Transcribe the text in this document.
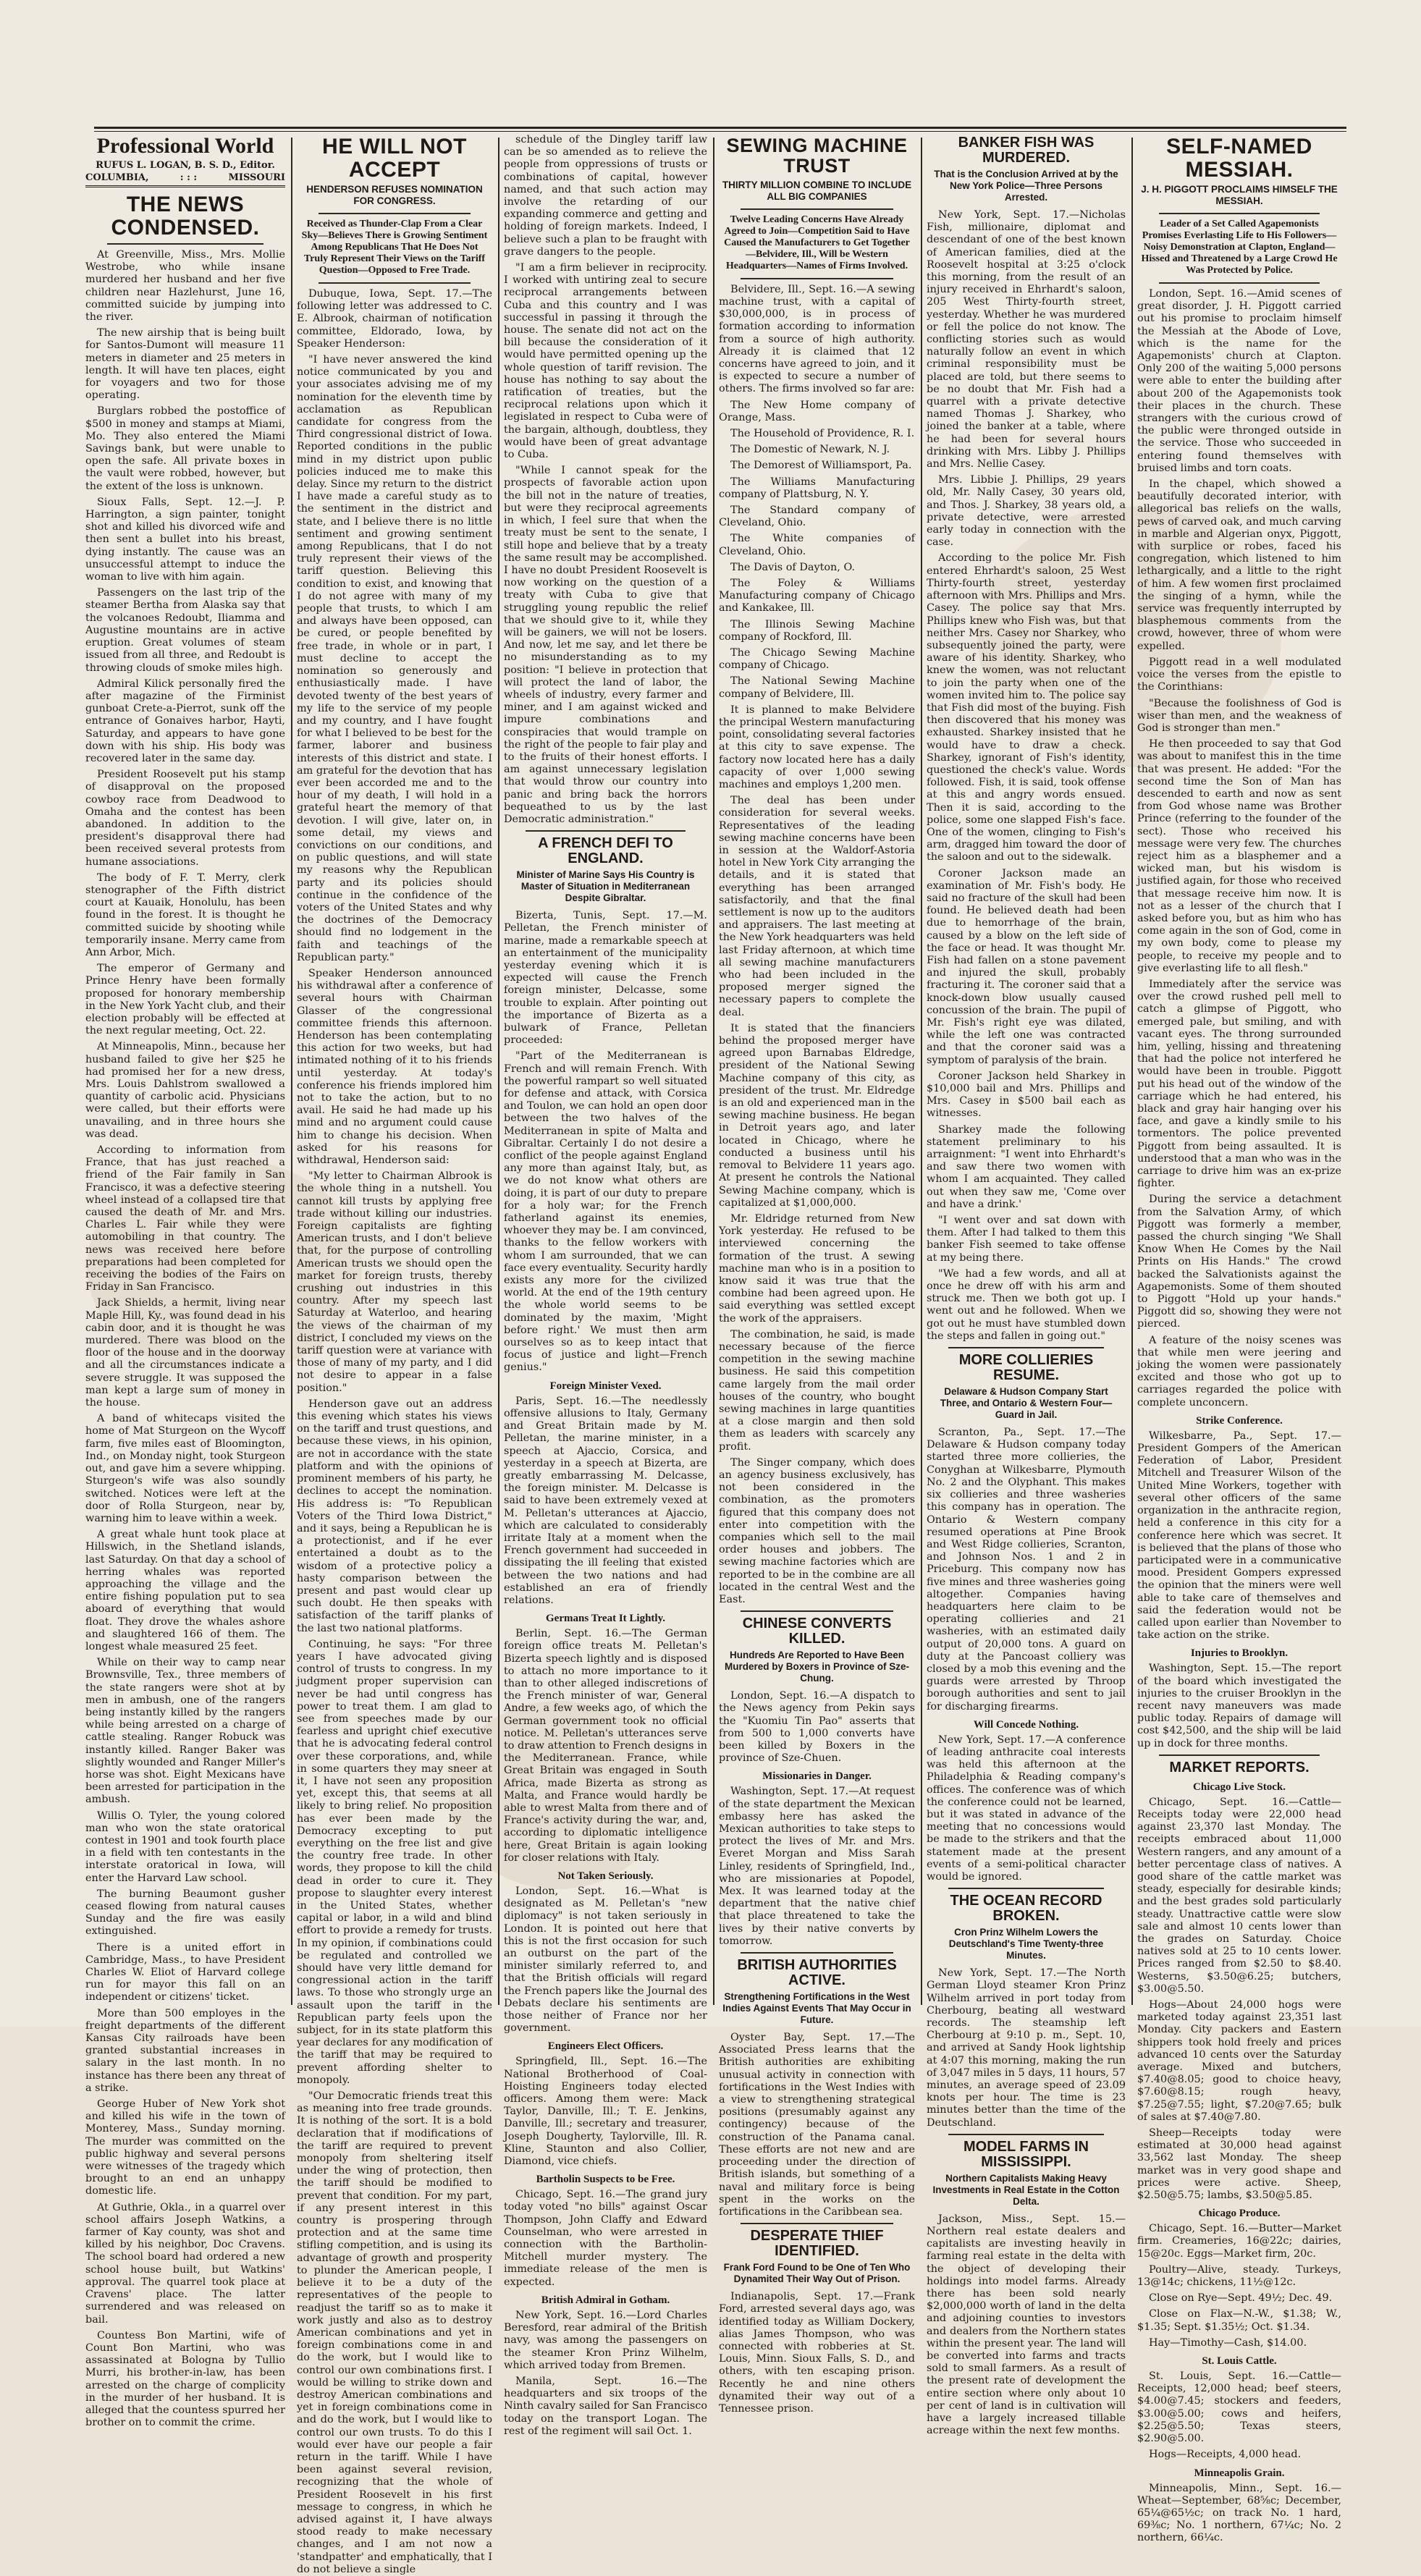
Professional World
RUFUS L. LOGAN, B. S. D., Editor.
COLUMBIA,	: : :	MISSOURI
THE NEWS CONDENSED.

At Greenville, Miss., Mrs. Mollie Westrobe, who while insane murdered her husband and her five children near Hazlehurst, June 16, committed suicide by jumping into the river.

The new airship that is being built for Santos-Dumont will measure 11 meters in diameter and 25 meters in length. It will have ten places, eight for voyagers and two for those operating.

Burglars robbed the postoffice of $500 in money and stamps at Miami, Mo. They also entered the Miami Savings bank, but were unable to open the safe. All private boxes in the vault were robbed, however, but the extent of the loss is unknown.

Sioux Falls, Sept. 12.—J. P. Harrington, a sign painter, tonight shot and killed his divorced wife and then sent a bullet into his breast, dying instantly. The cause was an unsuccessful attempt to induce the woman to live with him again.

Passengers on the last trip of the steamer Bertha from Alaska say that the volcanoes Redoubt, Iliamma and Augustine mountains are in active eruption. Great volumes of steam issued from all three, and Redoubt is throwing clouds of smoke miles high.

Admiral Kilick personally fired the after magazine of the Firminist gunboat Crete-a-Pierrot, sunk off the entrance of Gonaives harbor, Hayti, Saturday, and appears to have gone down with his ship. His body was recovered later in the same day.

President Roosevelt put his stamp of disapproval on the proposed cowboy race from Deadwood to Omaha and the contest has been abandoned. In addition to the president's disapproval there had been received several protests from humane associations.

The body of F. T. Merry, clerk stenographer of the Fifth district court at Kauaik, Honolulu, has been found in the forest. It is thought he committed suicide by shooting while temporarily insane. Merry came from Ann Arbor, Mich.

The emperor of Germany and Prince Henry have been formally proposed for honorary membership in the New York Yacht club, and their election probably will be effected at the next regular meeting, Oct. 22.

At Minneapolis, Minn., because her husband failed to give her $25 he had promised her for a new dress, Mrs. Louis Dahlstrom swallowed a quantity of carbolic acid. Physicians were called, but their efforts were unavailing, and in three hours she was dead.

According to information from France, that has just reached a friend of the Fair family in San Francisco, it was a defective steering wheel instead of a collapsed tire that caused the death of Mr. and Mrs. Charles L. Fair while they were automobiling in that country. The news was received here before preparations had been completed for receiving the bodies of the Fairs on Friday in San Francisco.

Jack Shields, a hermit, living near Maple Hill, Ky., was found dead in his cabin door, and it is thought he was murdered. There was blood on the floor of the house and in the doorway and all the circumstances indicate a severe struggle. It was supposed the man kept a large sum of money in the house.

A band of whitecaps visited the home of Mat Sturgeon on the Wycoff farm, five miles east of Bloomington, Ind., on Monday night, took Sturgeon out, and gave him a severe whipping. Sturgeon's wife was also soundly switched. Notices were left at the door of Rolla Sturgeon, near by, warning him to leave within a week.

A great whale hunt took place at Hillswich, in the Shetland islands, last Saturday. On that day a school of herring whales was reported approaching the village and the entire fishing population put to sea aboard of everything that would float. They drove the whales ashore and slaughtered 166 of them. The longest whale measured 25 feet.

While on their way to camp near Brownsville, Tex., three members of the state rangers were shot at by men in ambush, one of the rangers being instantly killed by the rangers while being arrested on a charge of cattle stealing. Ranger Robuck was instantly killed. Ranger Baker was slightly wounded and Ranger Miller's horse was shot. Eight Mexicans have been arrested for participation in the ambush.

Willis O. Tyler, the young colored man who won the state oratorical contest in 1901 and took fourth place in a field with ten contestants in the interstate oratorical in Iowa, will enter the Harvard Law school.

The burning Beaumont gusher ceased flowing from natural causes Sunday and the fire was easily extinguished.

There is a united effort in Cambridge, Mass., to have President Charles W. Eliot of Harvard college run for mayor this fall on an independent or citizens' ticket.

More than 500 employes in the freight departments of the different Kansas City railroads have been granted substantial increases in salary in the last month. In no instance has there been any threat of a strike.

George Huber of New York shot and killed his wife in the town of Monterey, Mass., Sunday morning. The murder was committed on the public highway and several persons were witnesses of the tragedy which brought to an end an unhappy domestic life.

At Guthrie, Okla., in a quarrel over school affairs Joseph Watkins, a farmer of Kay county, was shot and killed by his neighbor, Doc Cravens. The school board had ordered a new school house built, but Watkins' approval. The quarrel took place at Cravens' place. The latter surrendered and was released on bail.

Countess Bon Martini, wife of Count Bon Martini, who was assassinated at Bologna by Tullio Murri, his brother-in-law, has been arrested on the charge of complicity in the murder of her husband. It is alleged that the countess spurred her brother on to commit the crime.

HE WILL NOT ACCEPT
HENDERSON REFUSES NOMINATION FOR CONGRESS.
Received as Thunder-Clap From a Clear Sky—Believes There is Growing Sentiment Among Republicans That He Does Not Truly Represent Their Views on the Tariff Question—Opposed to Free Trade.

Dubuque, Iowa, Sept. 17.—The following letter was addressed to C. E. Albrook, chairman of notification committee, Eldorado, Iowa, by Speaker Henderson:

"I have never answered the kind notice communicated by you and your associates advising me of my nomination for the eleventh time by acclamation as Republican candidate for congress from the Third congressional district of Iowa. Reported conditions in the public mind in my district upon public policies induced me to make this delay. Since my return to the district I have made a careful study as to the sentiment in the district and state, and I believe there is no little sentiment and growing sentiment among Republicans, that I do not truly represent their views of the tariff question. Believing this condition to exist, and knowing that I do not agree with many of my people that trusts, to which I am and always have been opposed, can be cured, or people benefited by free trade, in whole or in part, I must decline to accept the nomination so generously and enthusiastically made. I have devoted twenty of the best years of my life to the service of my people and my country, and I have fought for what I believed to be best for the farmer, laborer and business interests of this district and state. I am grateful for the devotion that has ever been accorded me and to the hour of my death, I will hold in a grateful heart the memory of that devotion. I will give, later on, in some detail, my views and convictions on our conditions, and on public questions, and will state my reasons why the Republican party and its policies should continue in the confidence of the voters of the United States and why the doctrines of the Democracy should find no lodgement in the faith and teachings of the Republican party."

Speaker Henderson announced his withdrawal after a conference of several hours with Chairman Glasser of the congressional committee friends this afternoon. Henderson has been contemplating this action for two weeks, but had intimated nothing of it to his friends until yesterday. At today's conference his friends implored him not to take the action, but to no avail. He said he had made up his mind and no argument could cause him to change his decision. When asked for his reasons for withdrawal, Henderson said:

"My letter to Chairman Albrook is the whole thing in a nutshell. You cannot kill trusts by applying free trade without killing our industries. Foreign capitalists are fighting American trusts, and I don't believe that, for the purpose of controlling American trusts we should open the market for foreign trusts, thereby crushing out industries in this country. After my speech last Saturday at Waterloo, and hearing the views of the chairman of my district, I concluded my views on the tariff question were at variance with those of many of my party, and I did not desire to appear in a false position."

Henderson gave out an address this evening which states his views on the tariff and trust questions, and because these views, in his opinion, are not in accordance with the state platform and with the opinions of prominent members of his party, he declines to accept the nomination. His address is: "To Republican Voters of the Third Iowa District," and it says, being a Republican he is a protectionist, and if he ever entertained a doubt as to the wisdom of a protective policy a hasty comparison between the present and past would clear up such doubt. He then speaks with satisfaction of the tariff planks of the last two national platforms.

Continuing, he says: "For three years I have advocated giving control of trusts to congress. In my judgment proper supervision can never be had until congress has power to treat them. I am glad to see from speeches made by our fearless and upright chief executive that he is advocating federal control over these corporations, and, while in some quarters they may sneer at it, I have not seen any proposition yet, except this, that seems at all likely to bring relief. No proposition has ever been made by the Democracy excepting to put everything on the free list and give the country free trade. In other words, they propose to kill the child dead in order to cure it. They propose to slaughter every interest in the United States, whether capital or labor, in a wild and blind effort to provide a remedy for trusts. In my opinion, if combinations could be regulated and controlled we should have very little demand for congressional action in the tariff laws. To those who strongly urge an assault upon the tariff in the Republican party feels upon the subject, for in its state platform this year declares for any modification of the tariff that may be required to prevent affording shelter to monopoly.

"Our Democratic friends treat this as meaning into free trade grounds. It is nothing of the sort. It is a bold declaration that if modifications of the tariff are required to prevent monopoly from sheltering itself under the wing of protection, then the tariff should be modified to prevent that condition. For my part, if any present interest in this country is prospering through protection and at the same time stifling competition, and is using its advantage of growth and prosperity to plunder the American people, I believe it to be a duty of the representatives of the people to readjust the tariff so as to make it work justly and also as to destroy American combinations and yet in foreign combinations come in and do the work, but I would like to control our own combinations first. I would be willing to strike down and destroy American combinations and yet in foreign combinations come in and do the work, but I would like to control our own trusts. To do this I would ever have our people a fair return in the tariff. While I have been against several revision, recognizing that the whole of President Roosevelt in his first message to congress, in which he advised against it, I have always stood ready to make necessary changes, and I am not now a 'standpatter' and emphatically, that I do not believe a single

schedule of the Dingley tariff law can be so amended as to relieve the people from oppressions of trusts or combinations of capital, however named, and that such action may involve the retarding of our expanding commerce and getting and holding of foreign markets. Indeed, I believe such a plan to be fraught with grave dangers to the people.

"I am a firm believer in reciprocity. I worked with untiring zeal to secure reciprocal arrangements between Cuba and this country and I was successful in passing it through the house. The senate did not act on the bill because the consideration of it would have permitted opening up the whole question of tariff revision. The house has nothing to say about the ratification of treaties, but the reciprocal relations upon which it legislated in respect to Cuba were of the bargain, although, doubtless, they would have been of great advantage to Cuba.

"While I cannot speak for the prospects of favorable action upon the bill not in the nature of treaties, but were they reciprocal agreements in which, I feel sure that when the treaty must be sent to the senate, I still hope and believe that by a treaty the same result may be accomplished. I have no doubt President Roosevelt is now working on the question of a treaty with Cuba to give that struggling young republic the relief that we should give to it, while they will be gainers, we will not be losers. And now, let me say, and let there be no misunderstanding as to my position: "I believe in protection that will protect the land of labor, the wheels of industry, every farmer and miner, and I am against wicked and impure combinations and conspiracies that would trample on the right of the people to fair play and to the fruits of their honest efforts. I am against unnecessary legislation that would throw our country into panic and bring back the horrors bequeathed to us by the last Democratic administration."

A FRENCH DEFI TO ENGLAND.
Minister of Marine Says His Country is Master of Situation in Mediterranean Despite Gibraltar.

Bizerta, Tunis, Sept. 17.—M. Pelletan, the French minister of marine, made a remarkable speech at an entertainment of the municipality yesterday evening which it is expected will cause the French foreign minister, Delcasse, some trouble to explain. After pointing out the importance of Bizerta as a bulwark of France, Pelletan proceeded:

"Part of the Mediterranean is French and will remain French. With the powerful rampart so well situated for defense and attack, with Corsica and Toulon, we can hold an open door between the two halves of the Mediterranean in spite of Malta and Gibraltar. Certainly I do not desire a conflict of the people against England any more than against Italy, but, as we do not know what others are doing, it is part of our duty to prepare for a holy war; for the French fatherland against its enemies, whoever they may be. I am convinced, thanks to the fellow workers with whom I am surrounded, that we can face every eventuality. Security hardly exists any more for the civilized world. At the end of the 19th century the whole world seems to be dominated by the maxim, 'Might before right.' We must then arm ourselves so as to keep intact that focus of justice and light—French genius."

Foreign Minister Vexed.

Paris, Sept. 16.—The needlessly offensive allusions to Italy, Germany and Great Britain made by M. Pelletan, the marine minister, in a speech at Ajaccio, Corsica, and yesterday in a speech at Bizerta, are greatly embarrassing M. Delcasse, the foreign minister. M. Delcasse is said to have been extremely vexed at M. Pelletan's utterances at Ajaccio, which are calculated to considerably irritate Italy at a moment when the French government had succeeded in dissipating the ill feeling that existed between the two nations and had established an era of friendly relations.

Germans Treat It Lightly.

Berlin, Sept. 16.—The German foreign office treats M. Pelletan's Bizerta speech lightly and is disposed to attach no more importance to it than to other alleged indiscretions of the French minister of war, General Andre, a few weeks ago, of which the German government took no official notice. M. Pelletan's utterances serve to draw attention to French designs in the Mediterranean. France, while Great Britain was engaged in South Africa, made Bizerta as strong as Malta, and France would hardly be able to wrest Malta from there and of France's activity during the war, and, according to diplomatic intelligence here, Great Britain is again looking for closer relations with Italy.

Not Taken Seriously.

London, Sept. 16.—What is designated as M. Pelletan's "new diplomacy" is not taken seriously in London. It is pointed out here that this is not the first occasion for such an outburst on the part of the minister similarly referred to, and that the British officials will regard the French papers like the Journal des Debats declare his sentiments are those neither of France nor her government.

Engineers Elect Officers.

Springfield, Ill., Sept. 16.—The National Brotherhood of Coal-Hoisting Engineers today elected officers. Among them were: Mack Taylor, Danville, Ill.; T. E. Jenkins, Danville, Ill.; secretary and treasurer, Joseph Dougherty, Taylorville, Ill. R. Kline, Staunton and also Collier, Diamond, vice chiefs.

Bartholin Suspects to be Free.

Chicago, Sept. 16.—The grand jury today voted "no bills" against Oscar Thompson, John Claffy and Edward Counselman, who were arrested in connection with the Bartholin-Mitchell murder mystery. The immediate release of the men is expected.

British Admiral in Gotham.

New York, Sept. 16.—Lord Charles Beresford, rear admiral of the British navy, was among the passengers on the steamer Kron Prinz Wilhelm, which arrived today from Bremen.

Manila, Sept. 16.—The headquarters and six troops of the Ninth cavalry sailed for San Francisco today on the transport Logan. The rest of the regiment will sail Oct. 1.

SEWING MACHINE TRUST
THIRTY MILLION COMBINE TO INCLUDE ALL BIG COMPANIES
Twelve Leading Concerns Have Already Agreed to Join—Competition Said to Have Caused the Manufacturers to Get Together—Belvidere, Ill., Will be Western Headquarters—Names of Firms Involved.

Belvidere, Ill., Sept. 16.—A sewing machine trust, with a capital of $30,000,000, is in process of formation according to information from a source of high authority. Already it is claimed that 12 concerns have agreed to join, and it is expected to secure a number of others. The firms involved so far are:

The New Home company of Orange, Mass.

The Household of Providence, R. I.

The Domestic of Newark, N. J.

The Demorest of Williamsport, Pa.

The Williams Manufacturing company of Plattsburg, N. Y.

The Standard company of Cleveland, Ohio.

The White companies of Cleveland, Ohio.

The Davis of Dayton, O.

The Foley & Williams Manufacturing company of Chicago and Kankakee, Ill.

The Illinois Sewing Machine company of Rockford, Ill.

The Chicago Sewing Machine company of Chicago.

The National Sewing Machine company of Belvidere, Ill.

It is planned to make Belvidere the principal Western manufacturing point, consolidating several factories at this city to save expense. The factory now located here has a daily capacity of over 1,000 sewing machines and employs 1,200 men.

The deal has been under consideration for several weeks. Representatives of the leading sewing machine concerns have been in session at the Waldorf-Astoria hotel in New York City arranging the details, and it is stated that everything has been arranged satisfactorily, and that the final settlement is now up to the auditors and appraisers. The last meeting at the New York headquarters was held last Friday afternoon, at which time all sewing machine manufacturers who had been included in the proposed merger signed the necessary papers to complete the deal.

It is stated that the financiers behind the proposed merger have agreed upon Barnabas Eldredge, president of the National Sewing Machine company of this city, as president of the trust. Mr. Eldredge is an old and experienced man in the sewing machine business. He began in Detroit years ago, and later located in Chicago, where he conducted a business until his removal to Belvidere 11 years ago. At present he controls the National Sewing Machine company, which is capitalized at $1,000,000.

Mr. Eldridge returned from New York yesterday. He refused to be interviewed concerning the formation of the trust. A sewing machine man who is in a position to know said it was true that the combine had been agreed upon. He said everything was settled except the work of the appraisers.

The combination, he said, is made necessary because of the fierce competition in the sewing machine business. He said this competition came largely from the mail order houses of the country, who bought sewing machines in large quantities at a close margin and then sold them as leaders with scarcely any profit.

The Singer company, which does an agency business exclusively, has not been considered in the combination, as the promoters figured that this company does not enter into competition with the companies which sell to the mail order houses and jobbers. The sewing machine factories which are reported to be in the combine are all located in the central West and the East.

CHINESE CONVERTS KILLED.
Hundreds Are Reported to Have Been Murdered by Boxers in Province of Sze-Chung.

London, Sept. 16.—A dispatch to the News agency from Pekin says the "Kuomiu Tin Pao" asserts that from 500 to 1,000 converts have been killed by Boxers in the province of Sze-Chuen.

Missionaries in Danger.

Washington, Sept. 17.—At request of the state department the Mexican embassy here has asked the Mexican authorities to take steps to protect the lives of Mr. and Mrs. Everet Morgan and Miss Sarah Linley, residents of Springfield, Ind., who are missionaries at Popodel, Mex. It was learned today at the department that the native chief that place threatened to take the lives by their native converts by tomorrow.

BRITISH AUTHORITIES ACTIVE.
Strengthening Fortifications in the West Indies Against Events That May Occur in Future.

Oyster Bay, Sept. 17.—The Associated Press learns that the British authorities are exhibiting unusual activity in connection with fortifications in the West Indies with a view to strengthening strategical positions (presumably against any contingency) because of the construction of the Panama canal. These efforts are not new and are proceeding under the direction of British islands, but something of a naval and military force is being spent in the works on the fortifications in the Caribbean sea.

DESPERATE THIEF IDENTIFIED.
Frank Ford Found to be One of Ten Who Dynamited Their Way Out of Prison.

Indianapolis, Sept. 17.—Frank Ford, arrested several days ago, was identified today as William Dockery, alias James Thompson, who was connected with robberies at St. Louis, Minn. Sioux Falls, S. D., and others, with ten escaping prison. Recently he and nine others dynamited their way out of a Tennessee prison.

BANKER FISH WAS MURDERED.
That is the Conclusion Arrived at by the New York Police—Three Persons Arrested.

New York, Sept. 17.—Nicholas Fish, millionaire, diplomat and descendant of one of the best known of American families, died at the Roosevelt hospital at 3:25 o'clock this morning, from the result of an injury received in Ehrhardt's saloon, 205 West Thirty-fourth street, yesterday. Whether he was murdered or fell the police do not know. The conflicting stories such as would naturally follow an event in which criminal responsibility must be placed are told, but there seems to be no doubt that Mr. Fish had a quarrel with a private detective named Thomas J. Sharkey, who joined the banker at a table, where he had been for several hours drinking with Mrs. Libby J. Phillips and Mrs. Nellie Casey.

Mrs. Libbie J. Phillips, 29 years old, Mr. Nally Casey, 30 years old, and Thos. J. Sharkey, 38 years old, a private detective, were arrested early today in connection with the case.

According to the police Mr. Fish entered Ehrhardt's saloon, 25 West Thirty-fourth street, yesterday afternoon with Mrs. Phillips and Mrs. Casey. The police say that Mrs. Phillips knew who Fish was, but that neither Mrs. Casey nor Sharkey, who subsequently joined the party, were aware of his identity. Sharkey, who knew the women, was not reluctant to join the party when one of the women invited him to. The police say that Fish did most of the buying. Fish then discovered that his money was exhausted. Sharkey insisted that he would have to draw a check. Sharkey, ignorant of Fish's identity, questioned the check's value. Words followed. Fish, it is said, took offense at this and angry words ensued. Then it is said, according to the police, some one slapped Fish's face. One of the women, clinging to Fish's arm, dragged him toward the door of the saloon and out to the sidewalk.

Coroner Jackson made an examination of Mr. Fish's body. He said no fracture of the skull had been found. He believed death had been due to hemorrhage of the brain, caused by a blow on the left side of the face or head. It was thought Mr. Fish had fallen on a stone pavement and injured the skull, probably fracturing it. The coroner said that a knock-down blow usually caused concussion of the brain. The pupil of Mr. Fish's right eye was dilated, while the left one was contracted and that the coroner said was a symptom of paralysis of the brain.

Coroner Jackson held Sharkey in $10,000 bail and Mrs. Phillips and Mrs. Casey in $500 bail each as witnesses.

Sharkey made the following statement preliminary to his arraignment: "I went into Ehrhardt's and saw there two women with whom I am acquainted. They called out when they saw me, 'Come over and have a drink.'

"I went over and sat down with them. After I had talked to them this banker Fish seemed to take offense at my being there.

"We had a few words, and all at once he drew off with his arm and struck me. Then we both got up. I went out and he followed. When we got out he must have stumbled down the steps and fallen in going out."

MORE COLLIERIES RESUME.
Delaware & Hudson Company Start Three, and Ontario & Western Four—Guard in Jail.

Scranton, Pa., Sept. 17.—The Delaware & Hudson company today started three more collieries, the Conyghan at Wilkesbarre, Plymouth No. 2 and the Olyphant. This makes six collieries and three washeries this company has in operation. The Ontario & Western company resumed operations at Pine Brook and West Ridge collieries, Scranton, and Johnson Nos. 1 and 2 in Priceburg. This company now has five mines and three washeries going altogether. Companies having headquarters here claim to be operating collieries and 21 washeries, with an estimated daily output of 20,000 tons. A guard on duty at the Pancoast colliery was closed by a mob this evening and the guards were arrested by Throop borough authorities and sent to jail for discharging firearms.

Will Concede Nothing.

New York, Sept. 17.—A conference of leading anthracite coal interests was held this afternoon at the Philadelphia & Reading company's offices. The conference was of which the conference could not be learned, but it was stated in advance of the meeting that no concessions would be made to the strikers and that the statement made at the present events of a semi-political character would be ignored.

THE OCEAN RECORD BROKEN.
Cron Prinz Wilhelm Lowers the Deutschland's Time Twenty-three Minutes.

New York, Sept. 17.—The North German Lloyd steamer Kron Prinz Wilhelm arrived in port today from Cherbourg, beating all westward records. The steamship left Cherbourg at 9:10 p. m., Sept. 10, and arrived at Sandy Hook lightship at 4:07 this morning, making the run of 3,047 miles in 5 days, 11 hours, 57 minutes, an average speed of 23.09 knots per hour. The time is 23 minutes better than the time of the Deutschland.

MODEL FARMS IN MISSISSIPPI.
Northern Capitalists Making Heavy Investments in Real Estate in the Cotton Delta.

Jackson, Miss., Sept. 15.—Northern real estate dealers and capitalists are investing heavily in farming real estate in the delta with the object of developing their holdings into model farms. Already there has been sold nearly $2,000,000 worth of land in the delta and adjoining counties to investors and dealers from the Northern states within the present year. The land will be converted into farms and tracts sold to small farmers. As a result of the present rate of development the entire section where only about 10 per cent of land is in cultivation will have a largely increased tillable acreage within the next few months.

SELF-NAMED MESSIAH.
J. H. PIGGOTT PROCLAIMS HIMSELF THE MESSIAH.
Leader of a Set Called Agapemonists Promises Everlasting Life to His Followers—Noisy Demonstration at Clapton, England—Hissed and Threatened by a Large Crowd He Was Protected by Police.

London, Sept. 16.—Amid scenes of great disorder, J. H. Piggott carried out his promise to proclaim himself the Messiah at the Abode of Love, which is the name for the Agapemonists' church at Clapton. Only 200 of the waiting 5,000 persons were able to enter the building after about 200 of the Agapemonists took their places in the church. These strangers with the curious crowd of the public were thronged outside in the service. Those who succeeded in entering found themselves with bruised limbs and torn coats.

In the chapel, which showed a beautifully decorated interior, with allegorical bas reliefs on the walls, pews of carved oak, and much carving in marble and Algerian onyx, Piggott, with surplice or robes, faced his congregation, which listened to him lethargically, and a little to the right of him. A few women first proclaimed the singing of a hymn, while the service was frequently interrupted by blasphemous comments from the crowd, however, three of whom were expelled.

Piggott read in a well modulated voice the verses from the epistle to the Corinthians:

"Because the foolishness of God is wiser than men, and the weakness of God is stronger than men."

He then proceeded to say that God was about to manifest this in the time that was present. He added: "For the second time the Son of Man has descended to earth and now as sent from God whose name was Brother Prince (referring to the founder of the sect). Those who received his message were very few. The churches reject him as a blasphemer and a wicked man, but his wisdom is justified again, for those who received that message receive him now. It is not as a lesser of the church that I asked before you, but as him who has come again in the son of God, come in my own body, come to please my people, to receive my people and to give everlasting life to all flesh."

Immediately after the service was over the crowd rushed pell mell to catch a glimpse of Piggott, who emerged pale, but smiling, and with vacant eyes. The throng surrounded him, yelling, hissing and threatening that had the police not interfered he would have been in trouble. Piggott put his head out of the window of the carriage which he had entered, his black and gray hair hanging over his face, and gave a kindly smile to his tormentors. The police prevented Piggott from being assaulted. It is understood that a man who was in the carriage to drive him was an ex-prize fighter.

During the service a detachment from the Salvation Army, of which Piggott was formerly a member, passed the church singing "We Shall Know When He Comes by the Nail Prints on His Hands." The crowd backed the Salvationists against the Agapemonists. Some of them shouted to Piggott "Hold up your hands." Piggott did so, showing they were not pierced.

A feature of the noisy scenes was that while men were jeering and joking the women were passionately excited and those who got up to carriages regarded the police with complete unconcern.

Strike Conference.

Wilkesbarre, Pa., Sept. 17.—President Gompers of the American Federation of Labor, President Mitchell and Treasurer Wilson of the United Mine Workers, together with several other officers of the same organization in the anthracite region, held a conference in this city for a conference here which was secret. It is believed that the plans of those who participated were in a communicative mood. President Gompers expressed the opinion that the miners were well able to take care of themselves and said the federation would not be called upon earlier than November to take action on the strike.

Injuries to Brooklyn.

Washington, Sept. 15.—The report of the board which investigated the injuries to the cruiser Brooklyn in the recent navy maneuvers was made public today. Repairs of damage will cost $42,500, and the ship will be laid up in dock for three months.

MARKET REPORTS.
Chicago Live Stock.

Chicago, Sept. 16.—Cattle—Receipts today were 22,000 head against 23,370 last Monday. The receipts embraced about 11,000 Western rangers, and any amount of a better percentage class of natives. A good share of the cattle market was steady, especially for desirable kinds; and the best grades sold particularly steady. Unattractive cattle were slow sale and almost 10 cents lower than the grades on Saturday. Choice natives sold at 25 to 10 cents lower. Prices ranged from $2.50 to $8.40. Westerns, $3.50@6.25; butchers, $3.00@5.50.

Hogs—About 24,000 hogs were marketed today against 23,351 last Monday. City packers and Eastern shippers took hold freely and prices advanced 10 cents over the Saturday average. Mixed and butchers, $7.40@8.05; good to choice heavy, $7.60@8.15; rough heavy, $7.25@7.55; light, $7.20@7.65; bulk of sales at $7.40@7.80.

Sheep—Receipts today were estimated at 30,000 head against 33,562 last Monday. The sheep market was in very good shape and prices were active. Sheep, $2.50@5.75; lambs, $3.50@5.85.

Chicago Produce.

Chicago, Sept. 16.—Butter—Market firm. Creameries, 16@22c; dairies, 15@20c. Eggs—Market firm, 20c.

Poultry—Alive, steady. Turkeys, 13@14c; chickens, 11½@12c.

Close on Rye—Sept. 49½; Dec. 49.

Close on Flax—N.-W., $1.38; W., $1.35; Sept. $1.35½; Oct. $1.34.

Hay—Timothy—Cash, $14.00.

St. Louis Cattle.

St. Louis, Sept. 16.—Cattle—Receipts, 12,000 head; beef steers, $4.00@7.45; stockers and feeders, $3.00@5.00; cows and heifers, $2.25@5.50; Texas steers, $2.90@5.00.

Hogs—Receipts, 4,000 head.

Minneapolis Grain.

Minneapolis, Minn., Sept. 16.—Wheat—September, 68⅝c; December, 65¼@65½c; on track No. 1 hard, 69⅜c; No. 1 northern, 67¼c; No. 2 northern, 66¼c.
